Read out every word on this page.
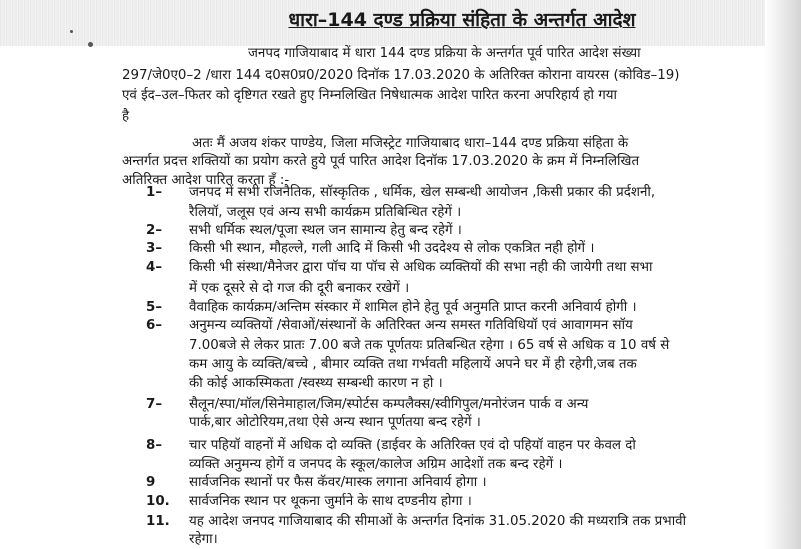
धारा–144 दण्ड प्रक्रिया संहिता के अन्तर्गत आदेश
जनपद गाजियाबाद में धारा 144 दण्ड प्रक्रिया के अन्तर्गत पूर्व पारित आदेश संख्या
297/जे0ए0–2 /धारा 144 द0स0प्र0/2020 दिनॉक 17.03.2020 के अतिरिक्त कोराना वायरस (कोविड–19)
एवं ईद–उल–फितर को दृष्टिगत रखते हुए निम्नलिखित निषेधात्मक आदेश पारित करना अपरिहार्य हो गया
है
अतः मैं अजय शंकर पाण्डेय, जिला मजिस्ट्रेट गाजियाबाद धारा–144 दण्ड प्रक्रिया संहिता के
अन्तर्गत प्रदत्त शक्तियों का प्रयोग करते हुये पूर्व पारित आदेश दिनॉक 17.03.2020 के क्रम में निम्नलिखित
अतिरिक्त आदेश पारित करता हूँ :-
1– जनपद में सभी राजनैतिक, सॉस्कृतिक , धर्मिक, खेल सम्बन्धी आयोजन ,किसी प्रकार की प्रर्दशनी,
रैलियॉ, जलूस एवं अन्य सभी कार्यक्रम प्रतिबिन्धित रहेगें ।
2– सभी धर्मिक स्थल/पूजा स्थल जन सामान्य हेतु बन्द रहेगें ।
3– किसी भी स्थान, मौहल्ले, गली आदि में किसी भी उददेश्य से लोक एकत्रित नही होगें ।
4– किसी भी संस्था/मैनेजर द्वारा पॉच या पॉच से अधिक व्यक्तियों की सभा नही की जायेगी तथा सभा
में एक दूसरे से दो गज की दूरी बनाकर रखेगें ।
5– वैवाहिक कार्यक्रम/अन्तिम संस्कार में शामिल होने हेतु पूर्व अनुमति प्राप्त करनी अनिवार्य होगी ।
6– अनुमन्य व्यक्तियों /सेवाओं/संस्थानों के अतिरिक्त अन्य समस्त गतिविधियॉ एवं आवागमन सॉय
7.00बजे से लेकर प्रातः 7.00 बजे तक पूर्णतयः प्रतिबन्धित रहेगा । 65 वर्ष से अधिक व 10 वर्ष से
कम आयु के व्यक्ति/बच्चे , बीमार व्यक्ति तथा गर्भवती महिलायें अपने घर में ही रहेगी,जब तक
की कोई आकस्मिकता /स्वस्थ्य सम्बन्धी कारण न हो ।
7– सैलून/स्पा/मॉल/सिनेमाहाल/जिम/स्पोर्टस कम्पलैक्स/स्वीगिपुल/मनोरंजन पार्क व अन्य
पार्क,बार ओटोरियम,तथा ऐसे अन्य स्थान पूर्णतया बन्द रहेगें ।
8– चार पहियॉ वाहनों में अधिक दो व्यक्ति (डाईवर के अतिरिक्त एवं दो पहियॉ वाहन पर केवल दो
व्यक्ति अनुमन्य होगें व जनपद के स्कूल/कालेज अग्रिम आदेशों तक बन्द रहेगें ।
9	सार्वजनिक स्थानों पर फैस कॅवर/मास्क लगाना अनिवार्य होगा ।
10. सार्वजनिक स्थान पर थूकना जुर्माने के साथ दण्डनीय होगा ।
11. यह आदेश जनपद गाजियाबाद की सीमाओं के अन्तर्गत दिनांक 31.05.2020 की मध्यरात्रि तक प्रभावी
रहेगा।
